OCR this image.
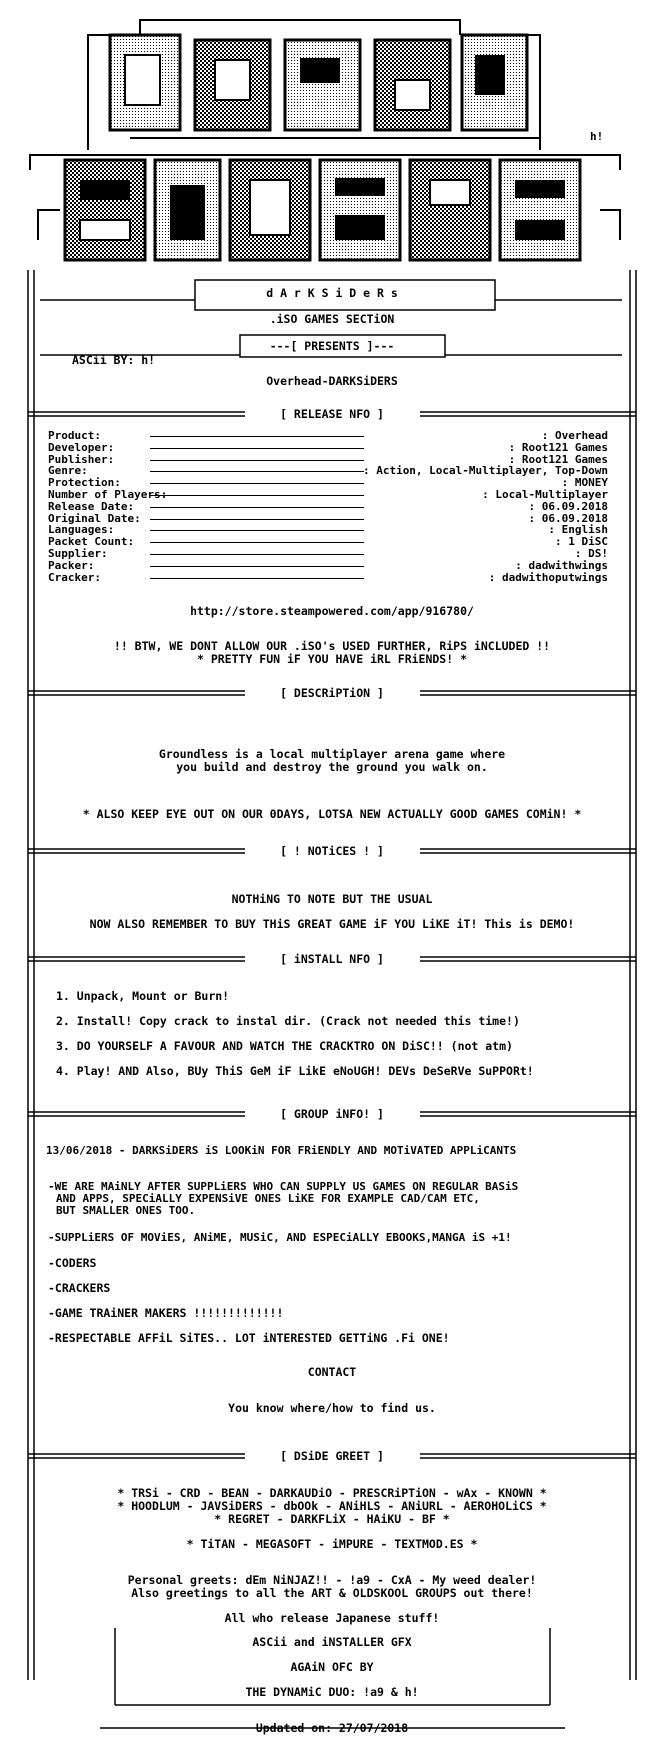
h!
d A r K S i D e R s
.iSO GAMES SECTiON
---[ PRESENTS ]---
ASCii BY: h!
Overhead-DARKSiDERS
[ RELEASE NFO ]
[ DESCRiPTiON ]
[ ! NOTiCES ! ]
[ iNSTALL NFO ]
[ GROUP iNFO! ]
[ DSiDE GREET ]
Product:	: Overhead
Developer:	: Root121 Games
Publisher:	: Root121 Games
Genre:	: Action, Local-Multiplayer, Top-Down
Protection:	: MONEY
Number of Players:	: Local-Multiplayer
Release Date:	: 06.09.2018
Original Date:	: 06.09.2018
Languages:	: English
Packet Count:	: 1 DiSC
Supplier:	: DS!
Packer:	: dadwithwings
Cracker:	: dadwithoputwings
http://store.steampowered.com/app/916780/
!! BTW, WE DONT ALLOW OUR .iSO's USED FURTHER, RiPS iNCLUDED !!
* PRETTY FUN iF YOU HAVE iRL FRiENDS! *
Groundless is a local multiplayer arena game where
you build and destroy the ground you walk on.
* ALSO KEEP EYE OUT ON OUR 0DAYS, LOTSA NEW ACTUALLY GOOD GAMES COMiN! *
NOTHiNG TO NOTE BUT THE USUAL
NOW ALSO REMEMBER TO BUY THiS GREAT GAME iF YOU LiKE iT! This is DEMO!
1. Unpack, Mount or Burn!
2. Install! Copy crack to instal dir. (Crack not needed this time!)
3. DO YOURSELF A FAVOUR AND WATCH THE CRACKTRO ON DiSC!! (not atm)
4. Play! AND Also, BUy ThiS GeM iF LikE eNoUGH! DEVs DeSeRVe SuPPORt!
13/06/2018 - DARKSiDERS iS LOOKiN FOR FRiENDLY AND MOTiVATED APPLiCANTS
-WE ARE MAiNLY AFTER SUPPLiERS WHO CAN SUPPLY US GAMES ON REGULAR BASiS
AND APPS, SPECiALLY EXPENSiVE ONES LiKE FOR EXAMPLE CAD/CAM ETC,
BUT SMALLER ONES TOO.
-SUPPLiERS OF MOViES, ANiME, MUSiC, AND ESPECiALLY EBOOKS,MANGA iS +1!
-CODERS
-CRACKERS
-GAME TRAiNER MAKERS !!!!!!!!!!!!!
-RESPECTABLE AFFiL SiTES.. LOT iNTERESTED GETTiNG .Fi ONE!
CONTACT
You know where/how to find us.
* TRSi - CRD - BEAN - DARKAUDiO - PRESCRiPTiON - wAx - KNOWN *
* HOODLUM - JAVSiDERS - dbOOk - ANiHLS - ANiURL - AEROHOLiCS *
* REGRET - DARKFLiX - HAiKU - BF *
* TiTAN - MEGASOFT - iMPURE - TEXTMOD.ES *
Personal greets: dEm NiNJAZ!! - !a9 - CxA - My weed dealer!
Also greetings to all the ART & OLDSKOOL GROUPS out there!
All who release Japanese stuff!
ASCii and iNSTALLER GFX
AGAiN OFC BY
THE DYNAMiC DUO: !a9 & h!
Updated on: 27/07/2018
